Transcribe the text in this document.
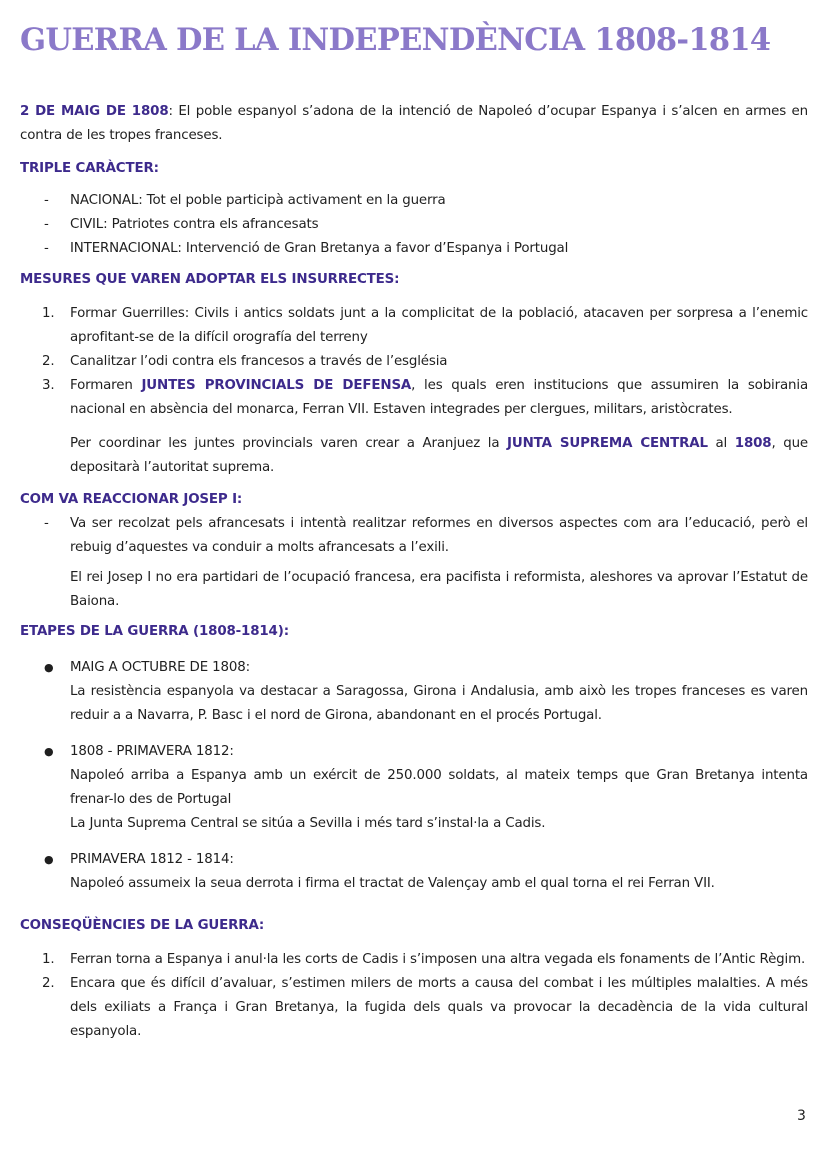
GUERRA DE LA INDEPENDÈNCIA 1808-1814

2 DE MAIG DE 1808: El poble espanyol s’adona de la intenció de Napoleó d’ocupar Espanya i s’alcen en armes en contra de les tropes franceses.

TRIPLE CARÀCTER:

- NACIONAL: Tot el poble participà activament en la guerra
- CIVIL: Patriotes contra els afrancesats
- INTERNACIONAL: Intervenció de Gran Bretanya a favor d’Espanya i Portugal

MESURES QUE VAREN ADOPTAR ELS INSURRECTES:

1. Formar Guerrilles: Civils i antics soldats junt a la complicitat de la població, atacaven per sorpresa a l’enemic aprofitant-se de la difícil orografía del terreny
2. Canalitzar l’odi contra els francesos a través de l’església
3. Formaren JUNTES PROVINCIALS DE DEFENSA, les quals eren institucions que assumiren la sobirania nacional en absència del monarca, Ferran VII. Estaven integrades per clergues, militars, aristòcrates.

Per coordinar les juntes provincials varen crear a Aranjuez la JUNTA SUPREMA CENTRAL al 1808, que depositarà l’autoritat suprema.

COM VA REACCIONAR JOSEP I:

- Va ser recolzat pels afrancesats i intentà realitzar reformes en diversos aspectes com ara l’educació, però el rebuig d’aquestes va conduir a molts afrancesats a l’exili.

El rei Josep I no era partidari de l’ocupació francesa, era pacifista i reformista, aleshores va aprovar l’Estatut de Baiona.

ETAPES DE LA GUERRA (1808-1814):

● MAIG A OCTUBRE DE 1808:
La resistència espanyola va destacar a Saragossa, Girona i Andalusia, amb això les tropes franceses es varen reduir a a Navarra, P. Basc i el nord de Girona, abandonant en el procés Portugal.
● 1808 - PRIMAVERA 1812:
Napoleó arriba a Espanya amb un exércit de 250.000 soldats, al mateix temps que Gran Bretanya intenta frenar-lo des de Portugal
La Junta Suprema Central se sitúa a Sevilla i més tard s’instal·la a Cadis.
● PRIMAVERA 1812 - 1814:
Napoleó assumeix la seua derrota i firma el tractat de Valençay amb el qual torna el rei Ferran VII.

CONSEQÜÈNCIES DE LA GUERRA:

1. Ferran torna a Espanya i anul·la les corts de Cadis i s’imposen una altra vegada els fonaments de l’Antic Règim.
2. Encara que és difícil d’avaluar, s’estimen milers de morts a causa del combat i les múltiples malalties. A més dels exiliats a França i Gran Bretanya, la fugida dels quals va provocar la decadència de la vida cultural espanyola.
3
